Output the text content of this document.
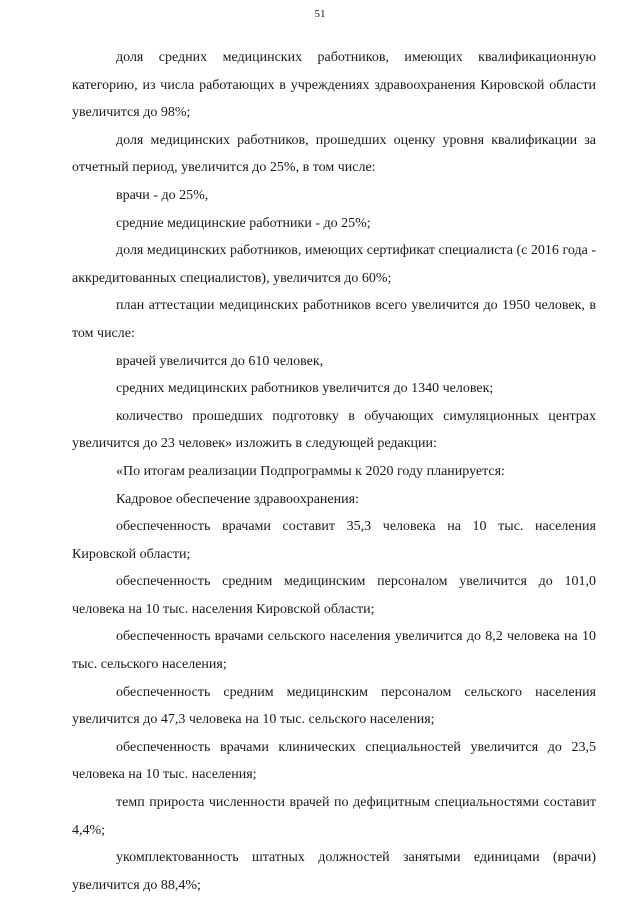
51

доля средних медицинских работников, имеющих квалификационную категорию, из числа работающих в учреждениях здравоохранения Кировской области увеличится до 98%;

доля медицинских работников, прошедших оценку уровня квалификации за отчетный период, увеличится до 25%, в том числе:

врачи - до 25%,

средние медицинские работники - до 25%;

доля медицинских работников, имеющих сертификат специалиста (с 2016 года - аккредитованных специалистов), увеличится до 60%;

план аттестации медицинских работников всего увеличится до 1950 человек, в том числе:

врачей увеличится до 610 человек,

средних медицинских работников увеличится до 1340 человек;

количество прошедших подготовку в обучающих симуляционных центрах увеличится до 23 человек» изложить в следующей редакции:

«По итогам реализации Подпрограммы к 2020 году планируется:

Кадровое обеспечение здравоохранения:

обеспеченность врачами составит 35,3 человека на 10 тыс. населения Кировской области;

обеспеченность средним медицинским персоналом увеличится до 101,0 человека на 10 тыс. населения Кировской области;

обеспеченность врачами сельского населения увеличится до 8,2 человека на 10 тыс. сельского населения;

обеспеченность средним медицинским персоналом сельского населения увеличится до 47,3 человека на 10 тыс. сельского населения;

обеспеченность врачами клинических специальностей увеличится до 23,5 человека на 10 тыс. населения;

темп прироста численности врачей по дефицитным специальностями составит 4,4%;

укомплектованность штатных должностей занятыми единицами (врачи) увеличится до 88,4%;
